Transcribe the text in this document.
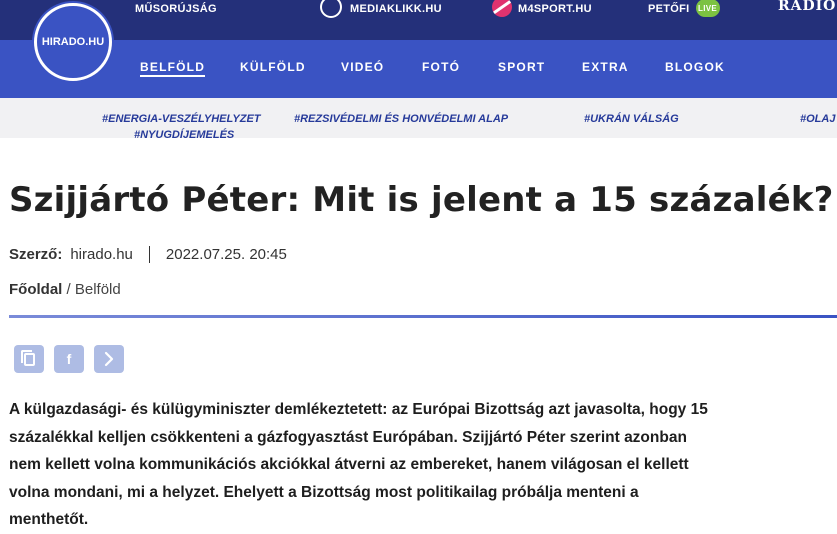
MŰSORÚJSÁG	MEDIAKLIKK.HU	M4SPORT.HU	PETŐFI	LIVE	RADIO
HIRADO.HU
BELFÖLD	KÜLFÖLD	VIDEÓ	FOTÓ	SPORT	EXTRA	BLOGOK
#ENERGIA-VESZÉLYHELYZET	#REZSIVÉDELMI ÉS HONVÉDELMI ALAP	#UKRÁN VÁLSÁG	#OLAJ
#NYUGDÍJEMELÉS
Szijjártó Péter: Mit is jelent a 15 százalék?
Szerző: hirado.hu 2022.07.25. 20:45
Főoldal / Belföld
f
A külgazdasági- és külügyminiszter demlékeztetett: az Európai Bizottság azt javasolta, hogy 15
százalékkal kelljen csökkenteni a gázfogyasztást Európában. Szijjártó Péter szerint azonban
nem kellett volna kommunikációs akciókkal átverni az embereket, hanem világosan el kellett
volna mondani, mi a helyzet. Ehelyett a Bizottság most politikailag próbálja menteni a
menthetőt.
